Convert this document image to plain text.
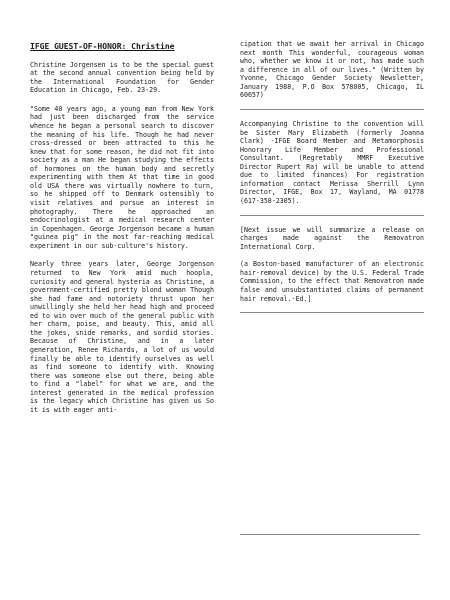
IFGE GUEST-OF-HONOR: Christine

Christine Jorgensen is to be the special guest at the second annual convention being held by the International Foundation for Gender Education in Chicago, Feb. 23-29.

"Some 40 years ago, a young man from New York had just been discharged from the service whence he began a personal search to discover the meaning of his life. Though he had never cross-dressed or been attracted to this he knew that for some reason, he did not fit into society as a man He began studying the effects of hormones on the human body and secretly experimenting with them At that time in good old USA there was virtually nowhere to turn, so he shipped off to Denmark ostensibly to visit relatives and pursue an interest in photography. There he approached an endocrinologist at a medical research center in Copenhagen. George Jorgenson became a human "guinea pig" in the most far-reaching medical experiment in our sub-culture's history.

Nearly three years later, George Jorgenson returned to New York amid much hoopla, curiosity and general hysteria as Christine, a government-certified pretty blond woman Though she had fame and notoriety thrust upon her unwillingly she held her head high and proceed ed to win over much of the general public with her charm, poise, and beauty. This, amid all the jokes, snide remarks, and sordid stories. Because of Christine, and in a later generation, Renee Richards, a lot of us would finally be able to identify ourselves as well as find someone to identify with. Knowing there was someone else out there, being able to find a "label" for what we are, and the interest generated in the medical profession is the legacy which Christine has given us So it is with eager anti-

cipation that we await her arrival in Chicago next month This wonderful, courageous woman who, whether we know it or not, has made such a difference in all of our lives." (Written by Yvonne, Chicago Gender Society Newsletter, January 1988, P.O Box 578005, Chicago, IL 60657)

Accompanying Christine to the convention will be Sister Mary Elizabeth (formerly Joanna Clark) -IFGE Board Member and Metamorphosis Honorary Life Member and Professional Consultant. (Regretably MMRF Executive Director Rupert Raj will be unable to attend due to limited finances) For registration information contact Merissa Sherrill Lynn Director, IFGE, Box 17, Wayland, MA 01778 (617-358-2305).

[Next issue we will summarize a release on charges made against the Removatron International Corp.

(a Boston-based manufacturer of an electronic hair-removal device) by the U.S. Federal Trade Commission, to the effect that Removatron made false and unsubstantiated claims of permanent hair removal.-Ed.]
